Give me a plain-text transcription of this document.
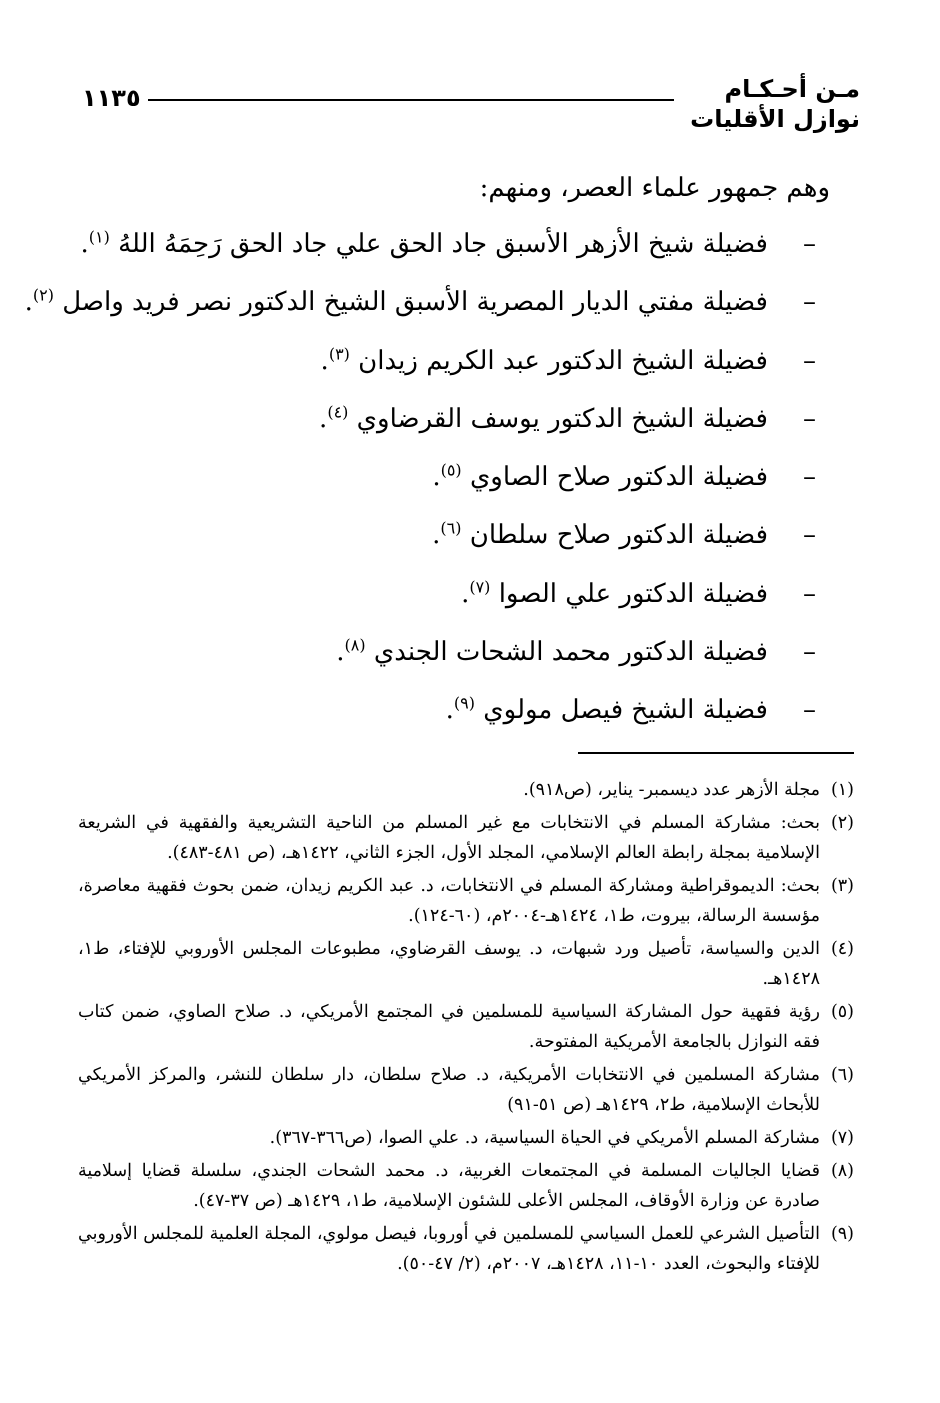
مـن أحـكـام
نوازل الأقليات
١١٣٥
وهم جمهور علماء العصر، ومنهم:
–فضيلة شيخ الأزهر الأسبق جاد الحق علي جاد الحق رَحِمَهُ اللهُ $^{(١)}$.
–فضيلة مفتي الديار المصرية الأسبق الشيخ الدكتور نصر فريد واصل $^{(٢)}$.
–فضيلة الشيخ الدكتور عبد الكريم زيدان $^{(٣)}$.
–فضيلة الشيخ الدكتور يوسف القرضاوي $^{(٤)}$.
–فضيلة الدكتور صلاح الصاوي $^{(٥)}$.
–فضيلة الدكتور صلاح سلطان $^{(٦)}$.
–فضيلة الدكتور علي الصوا $^{(٧)}$.
–فضيلة الدكتور محمد الشحات الجندي $^{(٨)}$.
–فضيلة الشيخ فيصل مولوي $^{(٩)}$.
(١)مجلة الأزهر عدد ديسمبر- يناير، (ص٩١٨).
(٢)بحث: مشاركة المسلم في الانتخابات مع غير المسلم من الناحية التشريعية والفقهية في الشريعة الإسلامية بمجلة رابطة العالم الإسلامي، المجلد الأول، الجزء الثاني، ١٤٢٢هـ، (ص ٤٨١-٤٨٣).
(٣)بحث: الديموقراطية ومشاركة المسلم في الانتخابات، د. عبد الكريم زيدان، ضمن بحوث فقهية معاصرة، مؤسسة الرسالة، بيروت، ط١، ١٤٢٤هـ-٢٠٠٤م، (٦٠-١٢٤).
(٤)الدين والسياسة، تأصيل ورد شبهات، د. يوسف القرضاوي، مطبوعات المجلس الأوروبي للإفتاء، ط١، ١٤٢٨هـ.
(٥)رؤية فقهية حول المشاركة السياسية للمسلمين في المجتمع الأمريكي، د. صلاح الصاوي، ضمن كتاب فقه النوازل بالجامعة الأمريكية المفتوحة.
(٦)مشاركة المسلمين في الانتخابات الأمريكية، د. صلاح سلطان، دار سلطان للنشر، والمركز الأمريكي للأبحاث الإسلامية، ط٢، ١٤٢٩هـ (ص ٥١-٩١)
(٧)مشاركة المسلم الأمريكي في الحياة السياسية، د. علي الصوا، (ص٣٦٦-٣٦٧).
(٨)قضايا الجاليات المسلمة في المجتمعات الغربية، د. محمد الشحات الجندي، سلسلة قضايا إسلامية صادرة عن وزارة الأوقاف، المجلس الأعلى للشئون الإسلامية، ط١، ١٤٢٩هـ (ص ٣٧-٤٧).
(٩)التأصيل الشرعي للعمل السياسي للمسلمين في أوروبا، فيصل مولوي، المجلة العلمية للمجلس الأوروبي للإفتاء والبحوث، العدد ١٠-١١، ١٤٢٨هـ، ٢٠٠٧م، (٢/ ٤٧-٥٠).
